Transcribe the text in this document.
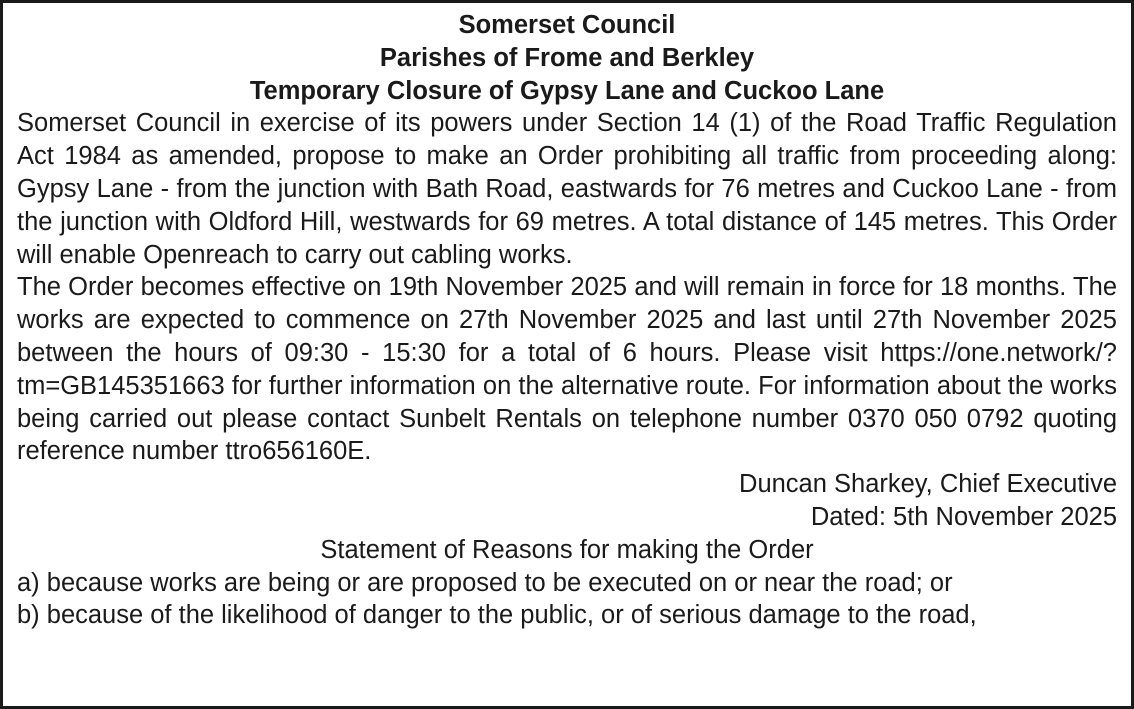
Somerset Council

Parishes of Frome and Berkley

Temporary Closure of Gypsy Lane and Cuckoo Lane

Somerset Council in exercise of its powers under Section 14 (1) of the Road Traffic Regulation Act 1984 as amended, propose to make an Order prohibiting all traffic from proceeding along: Gypsy Lane - from the junction with Bath Road, eastwards for 76 metres and Cuckoo Lane - from the junction with Oldford Hill, westwards for 69 metres. A total distance of 145 metres. This Order will enable Openreach to carry out cabling works.

The Order becomes effective on 19th November 2025 and will remain in force for 18 months. The works are expected to commence on 27th November 2025 and last until 27th November 2025 between the hours of 09:30 - 15:30 for a total of 6 hours. Please visit https://one.network/?tm=GB145351663 for further information on the alternative route. For information about the works being carried out please contact Sunbelt Rentals on telephone number 0370 050 0792 quoting reference number ttro656160E.

Duncan Sharkey, Chief Executive

Dated: 5th November 2025

Statement of Reasons for making the Order

a) because works are being or are proposed to be executed on or near the road; or

b) because of the likelihood of danger to the public, or of serious damage to the road,
